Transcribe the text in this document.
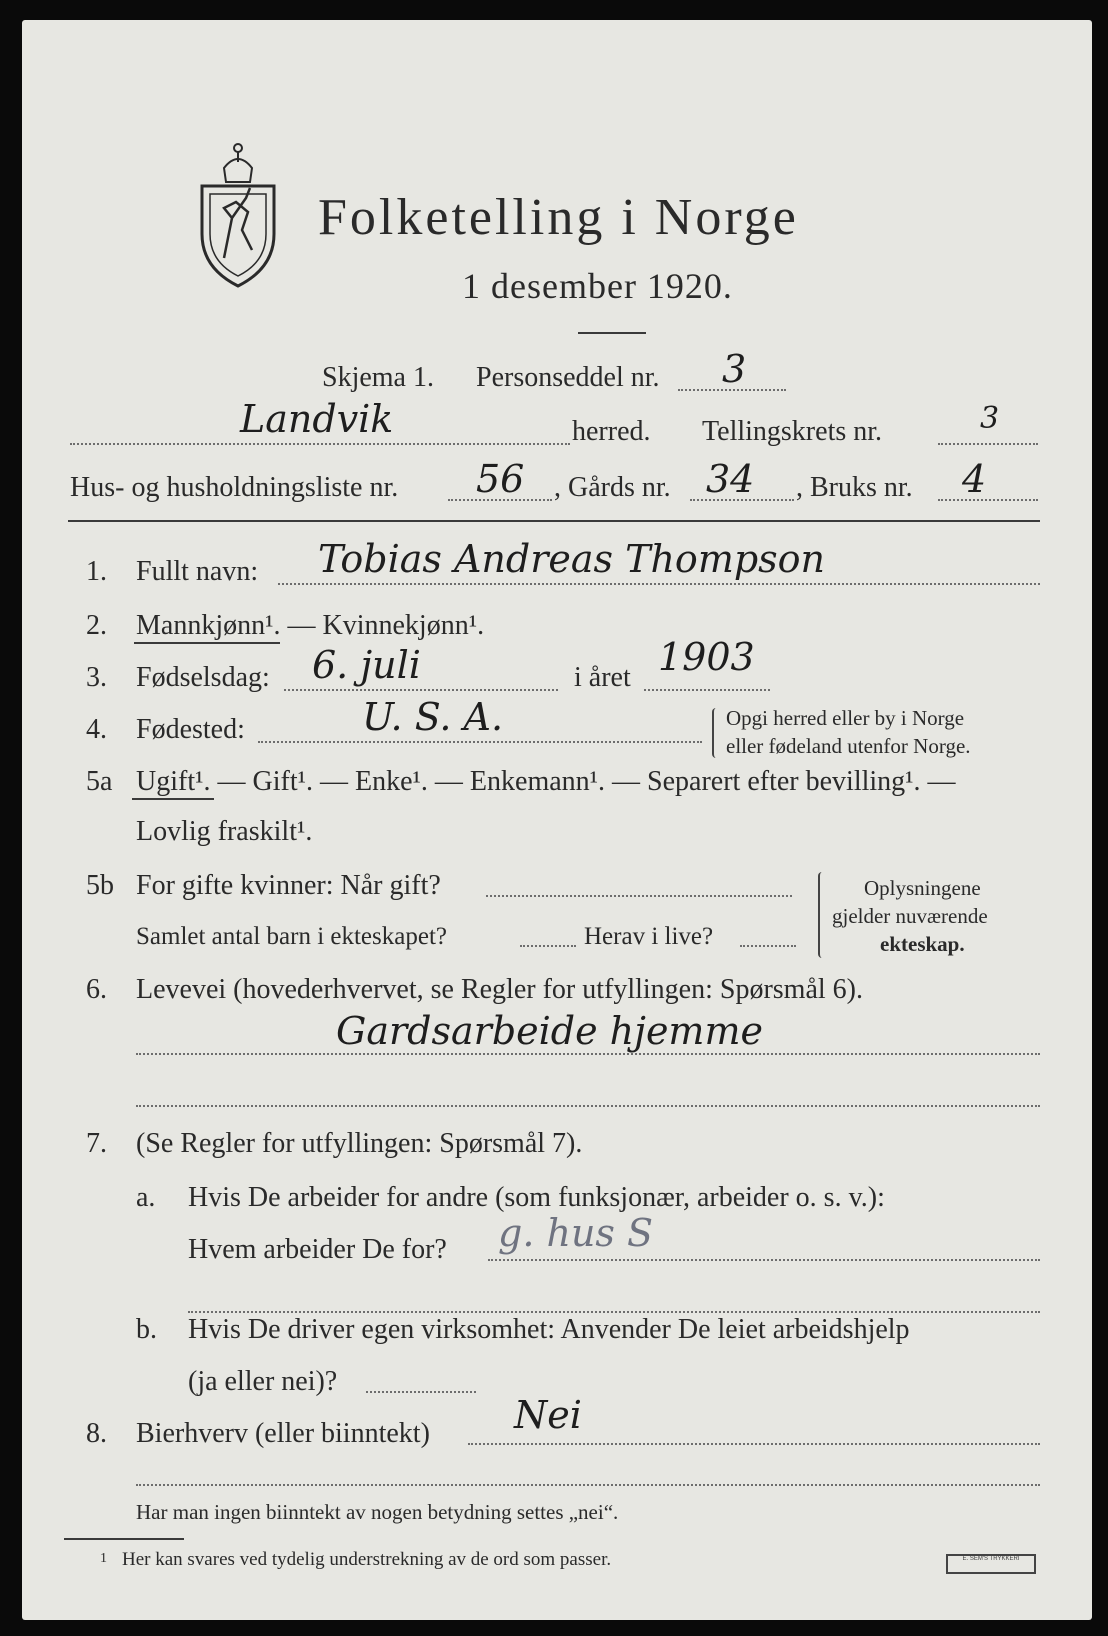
Folketelling i Norge
1 desember 1920.
Skjema 1. Personseddel nr. 3
Landvik	herred. Tellingskrets nr.	3
Hus- og husholdningsliste nr. 56 , Gårds nr. 34 , Bruks nr. 4
1. Fullt navn: Tobias Andreas Thompson
2. Mannkjønn¹. — Kvinnekjønn¹.
3. Fødselsdag: 6. juli	i året 1903
4. Fødested:	U. S. A.	Opgi herred eller by i Norge
eller fødeland utenfor Norge.
5a Ugift¹. — Gift¹. — Enke¹. — Enkemann¹. — Separert efter bevilling¹. —
Lovlig fraskilt¹.
5b For gifte kvinner: Når gift?
Samlet antal barn i ekteskapet?	Herav i live?
Oplysningene
gjelder nuværende
ekteskap.
6. Levevei (hovederhvervet, se Regler for utfyllingen: Spørsmål 6).
Gardsarbeide hjemme
7. (Se Regler for utfyllingen: Spørsmål 7).
a. Hvis De arbeider for andre (som funksjonær, arbeider o. s. v.):
Hvem arbeider De for? g. hus S
b. Hvis De driver egen virksomhet: Anvender De leiet arbeidshjelp
(ja eller nei)?
8. Bierhverv (eller biinntekt) Nei
Har man ingen biinntekt av nogen betydning settes „nei“.
1 Her kan svares ved tydelig understrekning av de ord som passer.	E. SEM'S TRYKKERI
